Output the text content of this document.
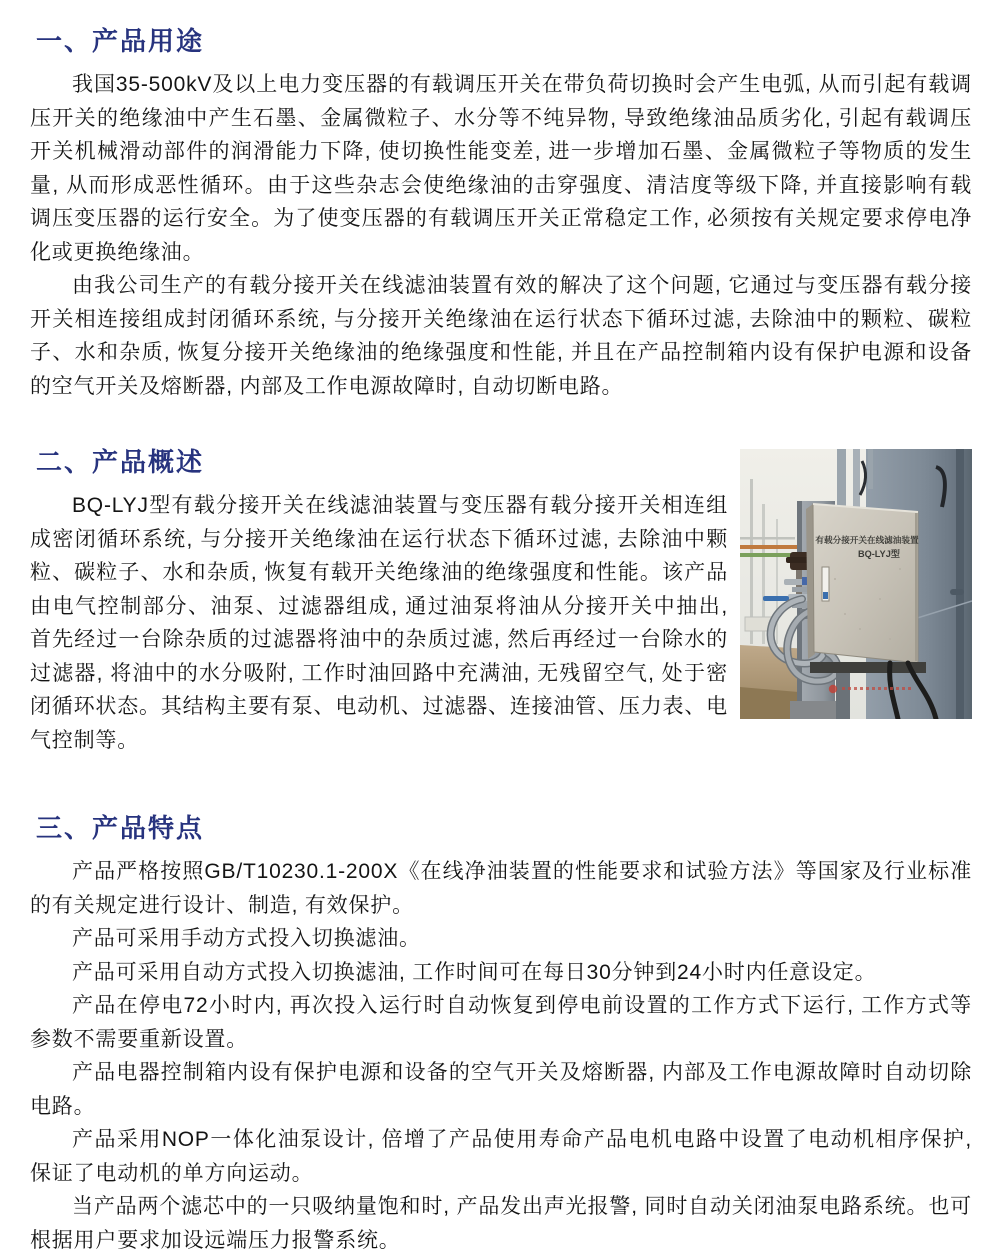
一、产品用途

我国35-500kV及以上电力变压器的有载调压开关在带负荷切换时会产生电弧, 从而引起有载调压开关的绝缘油中产生石墨、金属微粒子、水分等不纯异物, 导致绝缘油品质劣化, 引起有载调压开关机械滑动部件的润滑能力下降, 使切换性能变差, 进一步增加石墨、金属微粒子等物质的发生量, 从而形成恶性循环。由于这些杂志会使绝缘油的击穿强度、清洁度等级下降, 并直接影响有载调压变压器的运行安全。为了使变压器的有载调压开关正常稳定工作, 必须按有关规定要求停电净化或更换绝缘油。

由我公司生产的有载分接开关在线滤油装置有效的解决了这个问题, 它通过与变压器有载分接开关相连接组成封闭循环系统, 与分接开关绝缘油在运行状态下循环过滤, 去除油中的颗粒、碳粒子、水和杂质, 恢复分接开关绝缘油的绝缘强度和性能, 并且在产品控制箱内设有保护电源和设备的空气开关及熔断器, 内部及工作电源故障时, 自动切断电路。

有载分接开关在线滤油装置
BQ-LYJ型
二、产品概述

BQ-LYJ型有载分接开关在线滤油装置与变压器有载分接开关相连组成密闭循环系统, 与分接开关绝缘油在运行状态下循环过滤, 去除油中颗粒、碳粒子、水和杂质, 恢复有载开关绝缘油的绝缘强度和性能。该产品由电气控制部分、油泵、过滤器组成, 通过油泵将油从分接开关中抽出, 首先经过一台除杂质的过滤器将油中的杂质过滤, 然后再经过一台除水的过滤器, 将油中的水分吸附, 工作时油回路中充满油, 无残留空气, 处于密闭循环状态。其结构主要有泵、电动机、过滤器、连接油管、压力表、电气控制等。

三、产品特点

产品严格按照GB/T10230.1-200X《在线净油装置的性能要求和试验方法》等国家及行业标准的有关规定进行设计、制造, 有效保护。

产品可采用手动方式投入切换滤油。

产品可采用自动方式投入切换滤油, 工作时间可在每日30分钟到24小时内任意设定。

产品在停电72小时内, 再次投入运行时自动恢复到停电前设置的工作方式下运行, 工作方式等参数不需要重新设置。

产品电器控制箱内设有保护电源和设备的空气开关及熔断器, 内部及工作电源故障时自动切除电路。

产品采用NOP一体化油泵设计, 倍增了产品使用寿命产品电机电路中设置了电动机相序保护, 保证了电动机的单方向运动。

当产品两个滤芯中的一只吸纳量饱和时, 产品发出声光报警, 同时自动关闭油泵电路系统。也可根据用户要求加设远端压力报警系统。
